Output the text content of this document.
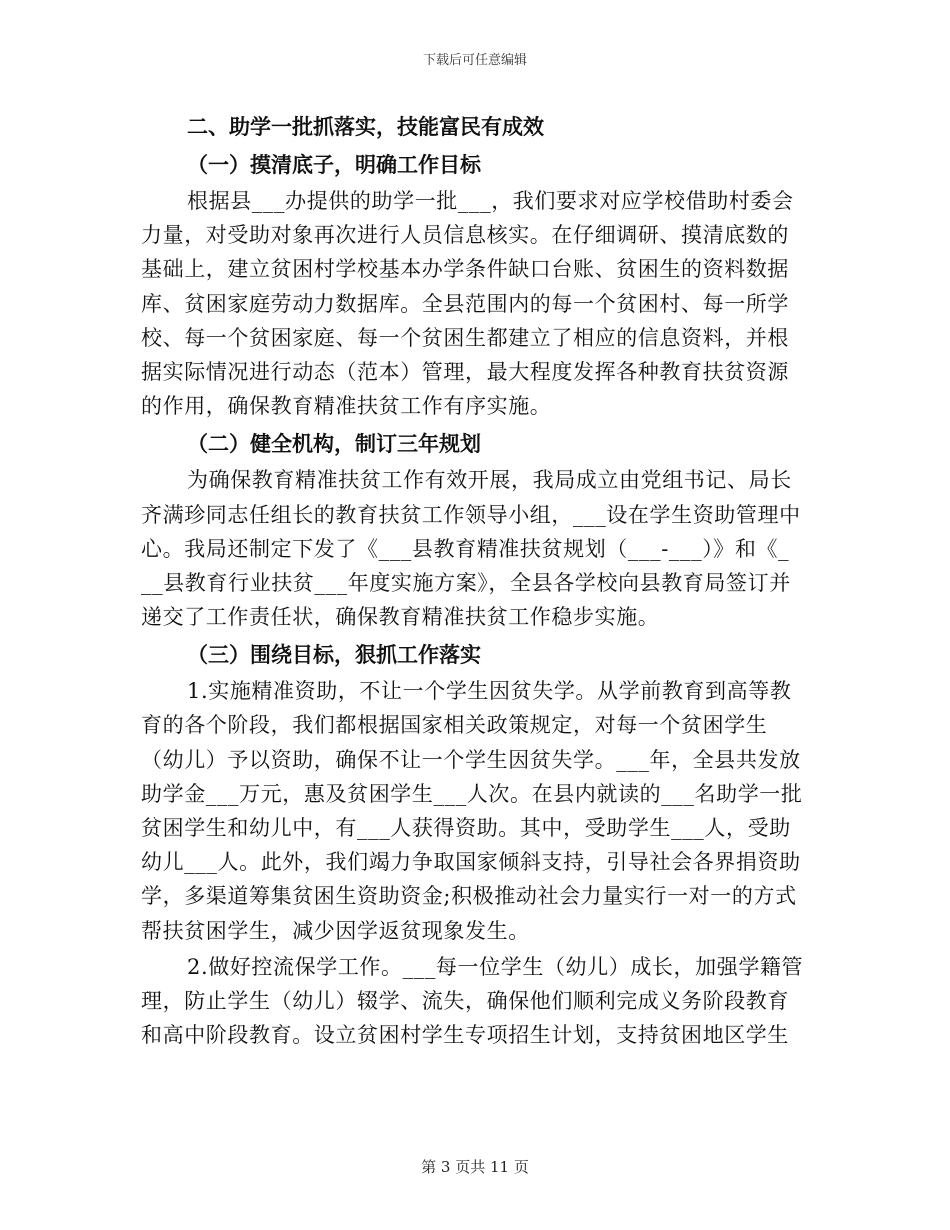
下载后可任意编辑
二、助学一批抓落实，技能富民有成效
（一）摸清底子，明确工作目标
根据县___办提供的助学一批___，我们要求对应学校借助村委会
力量，对受助对象再次进行人员信息核实。在仔细调研、摸清底数的
基础上，建立贫困村学校基本办学条件缺口台账、贫困生的资料数据
库、贫困家庭劳动力数据库。全县范围内的每一个贫困村、每一所学
校、每一个贫困家庭、每一个贫困生都建立了相应的信息资料，并根
据实际情况进行动态（范本）管理，最大程度发挥各种教育扶贫资源
的作用，确保教育精准扶贫工作有序实施。
（二）健全机构，制订三年规划
为确保教育精准扶贫工作有效开展，我局成立由党组书记、局长
齐满珍同志任组长的教育扶贫工作领导小组，___设在学生资助管理中
心。我局还制定下发了《___县教育精准扶贫规划（___-___）》和《_
__县教育行业扶贫___年度实施方案》，全县各学校向县教育局签订并
递交了工作责任状，确保教育精准扶贫工作稳步实施。
（三）围绕目标，狠抓工作落实
1.实施精准资助，不让一个学生因贫失学。从学前教育到高等教
育的各个阶段，我们都根据国家相关政策规定，对每一个贫困学生
（幼儿）予以资助，确保不让一个学生因贫失学。___年，全县共发放
助学金___万元，惠及贫困学生___人次。在县内就读的___名助学一批
贫困学生和幼儿中，有___人获得资助。其中，受助学生___人，受助
幼儿___人。此外，我们竭力争取国家倾斜支持，引导社会各界捐资助
学，多渠道筹集贫困生资助资金;积极推动社会力量实行一对一的方式
帮扶贫困学生，减少因学返贫现象发生。
2.做好控流保学工作。___每一位学生（幼儿）成长，加强学籍管
理，防止学生（幼儿）辍学、流失，确保他们顺利完成义务阶段教育
和高中阶段教育。设立贫困村学生专项招生计划，支持贫困地区学生
第 3 页共 11 页
